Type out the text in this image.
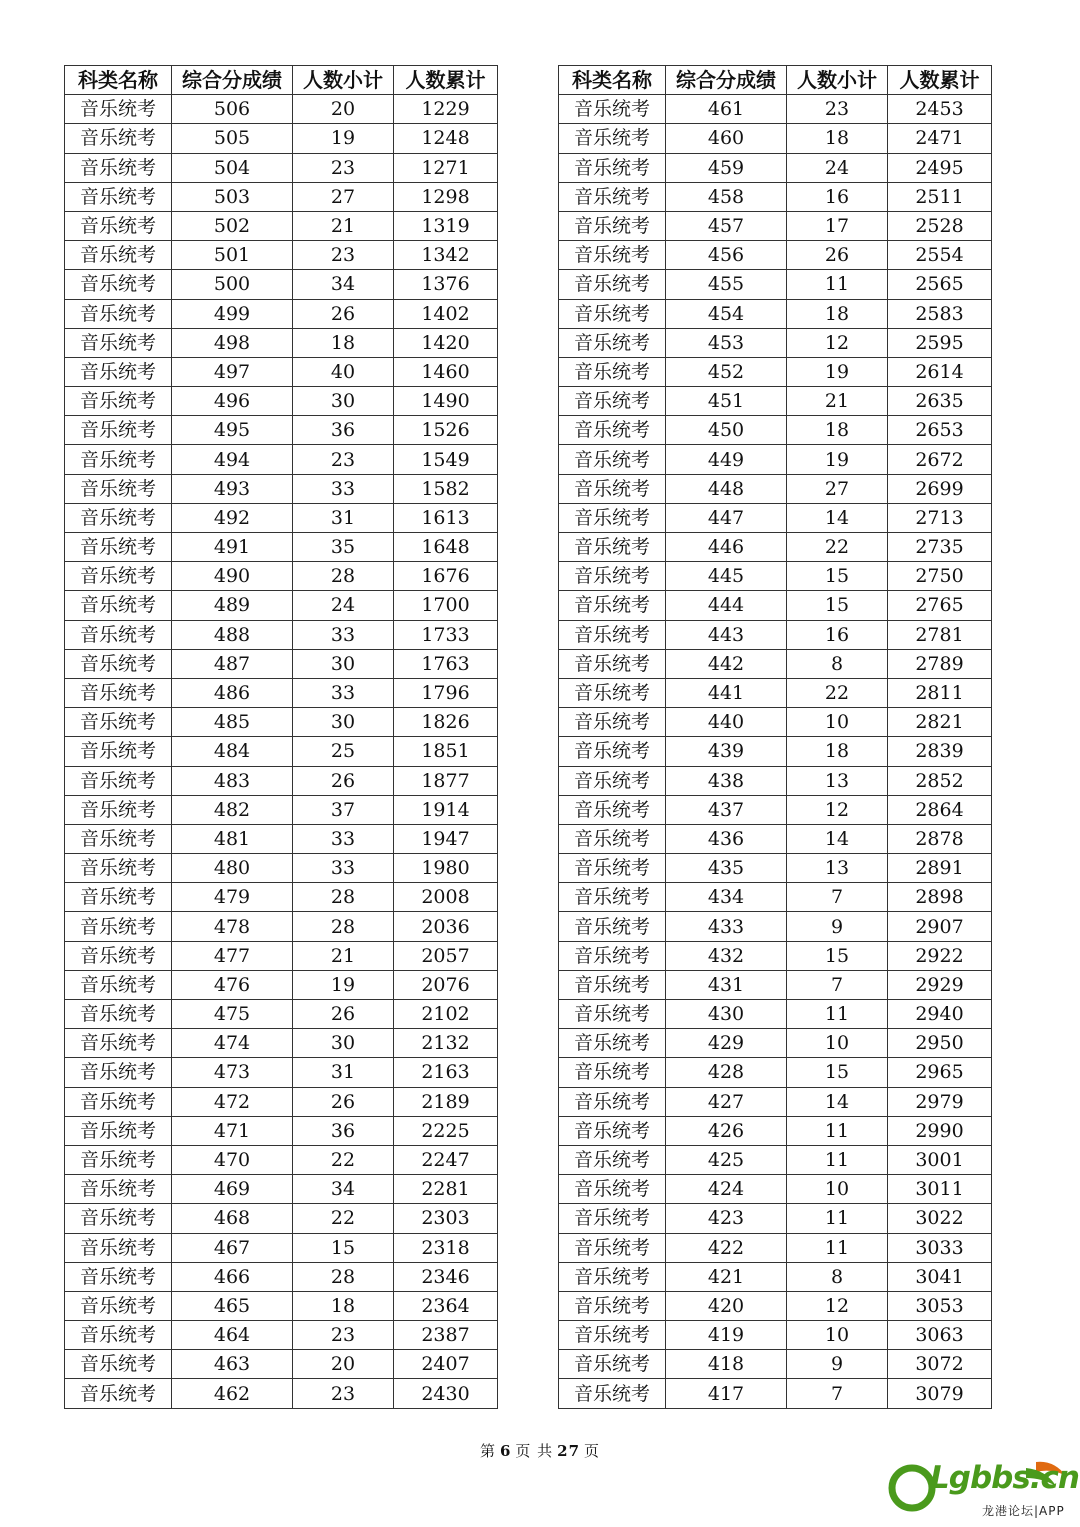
科类名称	综合分成绩	人数小计	人数累计
音乐统考	506	20	1229
音乐统考	505	19	1248
音乐统考	504	23	1271
音乐统考	503	27	1298
音乐统考	502	21	1319
音乐统考	501	23	1342
音乐统考	500	34	1376
音乐统考	499	26	1402
音乐统考	498	18	1420
音乐统考	497	40	1460
音乐统考	496	30	1490
音乐统考	495	36	1526
音乐统考	494	23	1549
音乐统考	493	33	1582
音乐统考	492	31	1613
音乐统考	491	35	1648
音乐统考	490	28	1676
音乐统考	489	24	1700
音乐统考	488	33	1733
音乐统考	487	30	1763
音乐统考	486	33	1796
音乐统考	485	30	1826
音乐统考	484	25	1851
音乐统考	483	26	1877
音乐统考	482	37	1914
音乐统考	481	33	1947
音乐统考	480	33	1980
音乐统考	479	28	2008
音乐统考	478	28	2036
音乐统考	477	21	2057
音乐统考	476	19	2076
音乐统考	475	26	2102
音乐统考	474	30	2132
音乐统考	473	31	2163
音乐统考	472	26	2189
音乐统考	471	36	2225
音乐统考	470	22	2247
音乐统考	469	34	2281
音乐统考	468	22	2303
音乐统考	467	15	2318
音乐统考	466	28	2346
音乐统考	465	18	2364
音乐统考	464	23	2387
音乐统考	463	20	2407
音乐统考	462	23	2430
科类名称	综合分成绩	人数小计	人数累计
音乐统考	461	23	2453
音乐统考	460	18	2471
音乐统考	459	24	2495
音乐统考	458	16	2511
音乐统考	457	17	2528
音乐统考	456	26	2554
音乐统考	455	11	2565
音乐统考	454	18	2583
音乐统考	453	12	2595
音乐统考	452	19	2614
音乐统考	451	21	2635
音乐统考	450	18	2653
音乐统考	449	19	2672
音乐统考	448	27	2699
音乐统考	447	14	2713
音乐统考	446	22	2735
音乐统考	445	15	2750
音乐统考	444	15	2765
音乐统考	443	16	2781
音乐统考	442	8	2789
音乐统考	441	22	2811
音乐统考	440	10	2821
音乐统考	439	18	2839
音乐统考	438	13	2852
音乐统考	437	12	2864
音乐统考	436	14	2878
音乐统考	435	13	2891
音乐统考	434	7	2898
音乐统考	433	9	2907
音乐统考	432	15	2922
音乐统考	431	7	2929
音乐统考	430	11	2940
音乐统考	429	10	2950
音乐统考	428	15	2965
音乐统考	427	14	2979
音乐统考	426	11	2990
音乐统考	425	11	3001
音乐统考	424	10	3011
音乐统考	423	11	3022
音乐统考	422	11	3033
音乐统考	421	8	3041
音乐统考	420	12	3053
音乐统考	419	10	3063
音乐统考	418	9	3072
音乐统考	417	7	3079
第 6 页 共 27 页
Lgbbs.cn
龙港论坛|APP
